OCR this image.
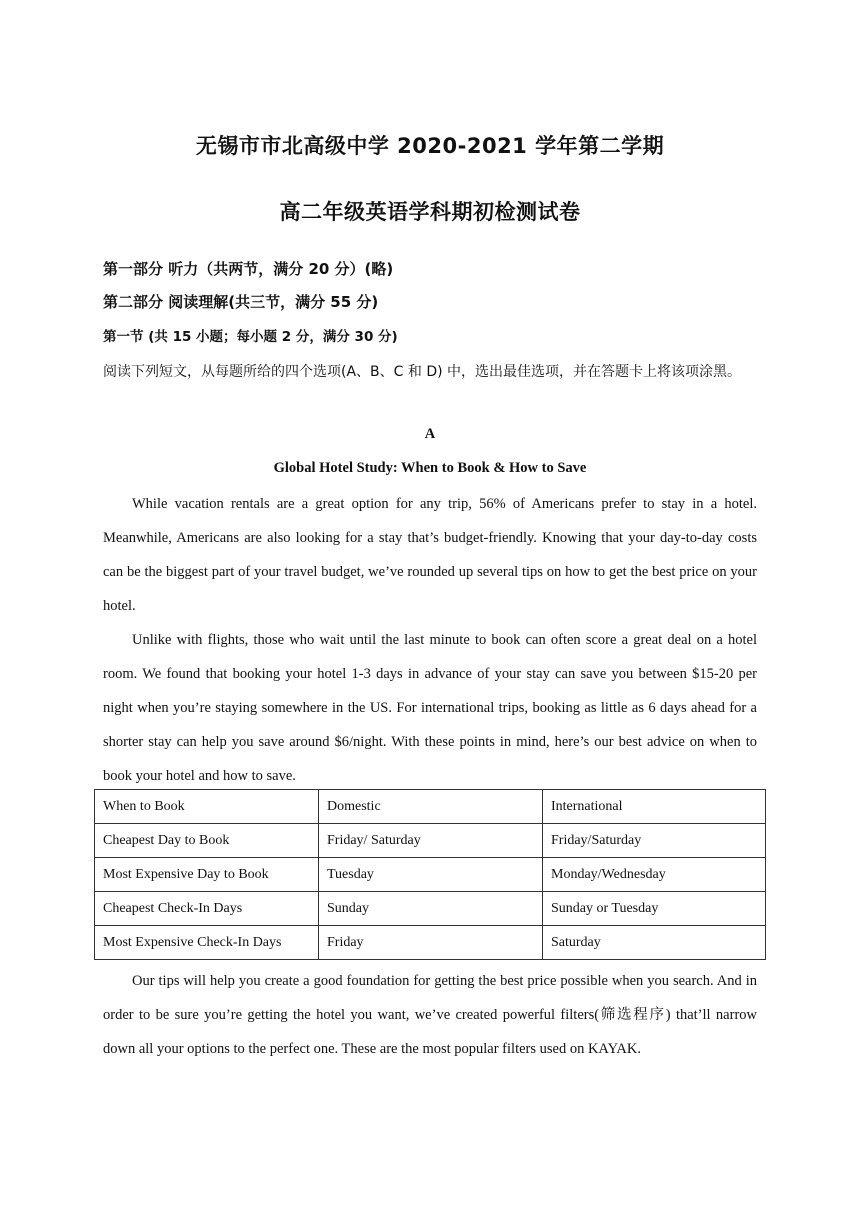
无锡市市北高级中学 2020-2021 学年第二学期
高二年级英语学科期初检测试卷
第一部分 听力（共两节，满分 20 分）(略)
第二部分 阅读理解(共三节，满分 55 分)
第一节 (共 15 小题；每小题 2 分，满分 30 分)
阅读下列短文，从每题所给的四个选项(A、B、C 和 D) 中，选出最佳选项，并在答题卡上将该项涂黑。
A
Global Hotel Study: When to Book & How to Save

While vacation rentals are a great option for any trip, 56% of Americans prefer to stay in a hotel. Meanwhile, Americans are also looking for a stay that’s budget-friendly. Knowing that your day-to-day costs can be the biggest part of your travel budget, we’ve rounded up several tips on how to get the best price on your hotel.

Unlike with flights, those who wait until the last minute to book can often score a great deal on a hotel room. We found that booking your hotel 1-3 days in advance of your stay can save you between $15-20 per night when you’re staying somewhere in the US. For international trips, booking as little as 6 days ahead for a shorter stay can help you save around $6/night. With these points in mind, here’s our best advice on when to book your hotel and how to save.

When to Book	Domestic	International
Cheapest Day to Book	Friday/ Saturday	Friday/Saturday
Most Expensive Day to Book	Tuesday	Monday/Wednesday
Cheapest Check-In Days	Sunday	Sunday or Tuesday
Most Expensive Check-In Days	Friday	Saturday

Our tips will help you create a good foundation for getting the best price possible when you search. And in order to be sure you’re getting the hotel you want, we’ve created powerful filters(筛选程序) that’ll narrow down all your options to the perfect one. These are the most popular filters used on KAYAK.
